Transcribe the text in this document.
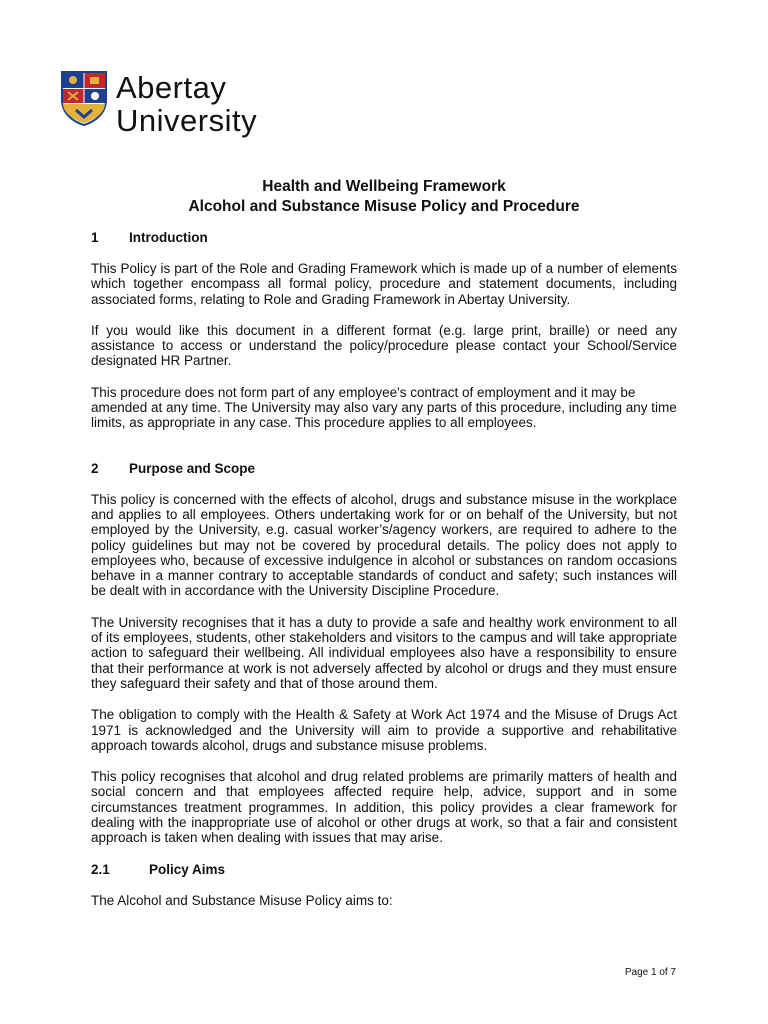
Abertay
University
Health and Wellbeing Framework
Alcohol and Substance Misuse Policy and Procedure
1	Introduction

This Policy is part of the Role and Grading Framework which is made up of a number of elements which together encompass all formal policy, procedure and statement documents, including associated forms, relating to Role and Grading Framework in Abertay University.

If you would like this document in a different format (e.g. large print, braille) or need any assistance to access or understand the policy/procedure please contact your School/Service designated HR Partner.

This procedure does not form part of any employee's contract of employment and it may be amended at any time. The University may also vary any parts of this procedure, including any time limits, as appropriate in any case. This procedure applies to all employees.

2	Purpose and Scope

This policy is concerned with the effects of alcohol, drugs and substance misuse in the workplace and applies to all employees. Others undertaking work for or on behalf of the University, but not employed by the University, e.g. casual worker’s/agency workers, are required to adhere to the policy guidelines but may not be covered by procedural details. The policy does not apply to employees who, because of excessive indulgence in alcohol or substances on random occasions behave in a manner contrary to acceptable standards of conduct and safety; such instances will be dealt with in accordance with the University Discipline Procedure.

The University recognises that it has a duty to provide a safe and healthy work environment to all of its employees, students, other stakeholders and visitors to the campus and will take appropriate action to safeguard their wellbeing. All individual employees also have a responsibility to ensure that their performance at work is not adversely affected by alcohol or drugs and they must ensure they safeguard their safety and that of those around them.

The obligation to comply with the Health & Safety at Work Act 1974 and the Misuse of Drugs Act 1971 is acknowledged and the University will aim to provide a supportive and rehabilitative approach towards alcohol, drugs and substance misuse problems.

This policy recognises that alcohol and drug related problems are primarily matters of health and social concern and that employees affected require help, advice, support and in some circumstances treatment programmes. In addition, this policy provides a clear framework for dealing with the inappropriate use of alcohol or other drugs at work, so that a fair and consistent approach is taken when dealing with issues that may arise.

2.1	Policy Aims

The Alcohol and Substance Misuse Policy aims to:

Page 1 of 7
